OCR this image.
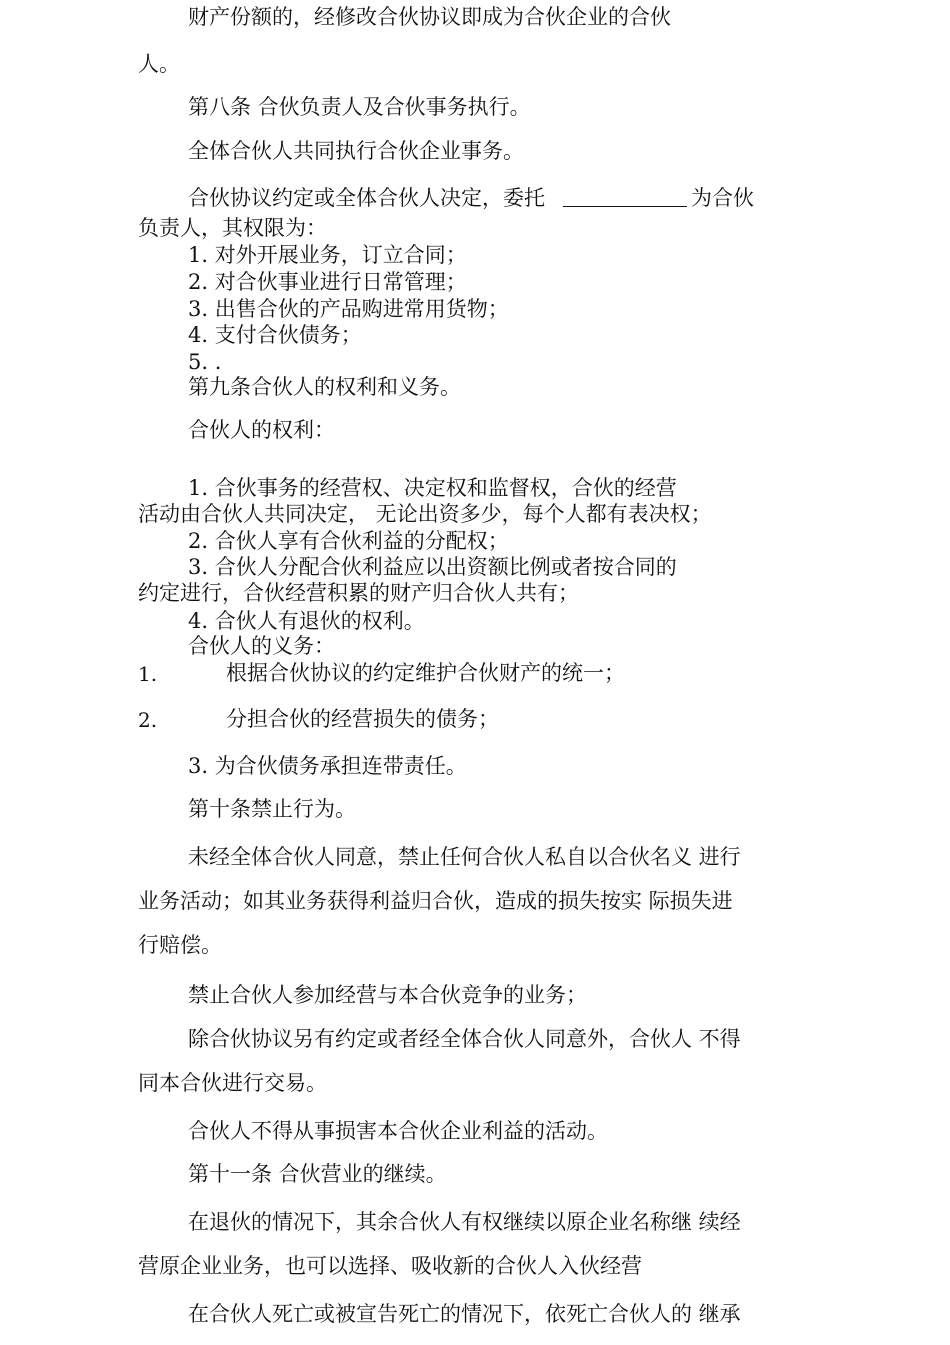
财产份额的，经修改合伙协议即成为合伙企业的合伙
人。
第八条 合伙负责人及合伙事务执行。
全体合伙人共同执行合伙企业事务。
合伙协议约定或全体合伙人决定，委托	为合伙
负责人，其权限为：
1. 对外开展业务，订立合同；
2. 对合伙事业进行日常管理；
3. 出售合伙的产品购进常用货物；
4. 支付合伙债务；
5. .
第九条合伙人的权利和义务。
合伙人的权利：
1. 合伙事务的经营权、决定权和监督权，合伙的经营
活动由合伙人共同决定， 无论出资多少，每个人都有表决权；
2. 合伙人享有合伙利益的分配权；
3. 合伙人分配合伙利益应以出资额比例或者按合同的
约定进行，合伙经营积累的财产归合伙人共有；
4. 合伙人有退伙的权利。
合伙人的义务：
1.	根据合伙协议的约定维护合伙财产的统一；
2.	分担合伙的经营损失的债务；
3. 为合伙债务承担连带责任。
第十条禁止行为。
未经全体合伙人同意，禁止任何合伙人私自以合伙名义 进行
业务活动；如其业务获得利益归合伙，造成的损失按实 际损失进
行赔偿。
禁止合伙人参加经营与本合伙竞争的业务；
除合伙协议另有约定或者经全体合伙人同意外，合伙人 不得
同本合伙进行交易。
合伙人不得从事损害本合伙企业利益的活动。
第十一条 合伙营业的继续。
在退伙的情况下，其余合伙人有权继续以原企业名称继 续经
营原企业业务，也可以选择、吸收新的合伙人入伙经营
在合伙人死亡或被宣告死亡的情况下，依死亡合伙人的 继承
